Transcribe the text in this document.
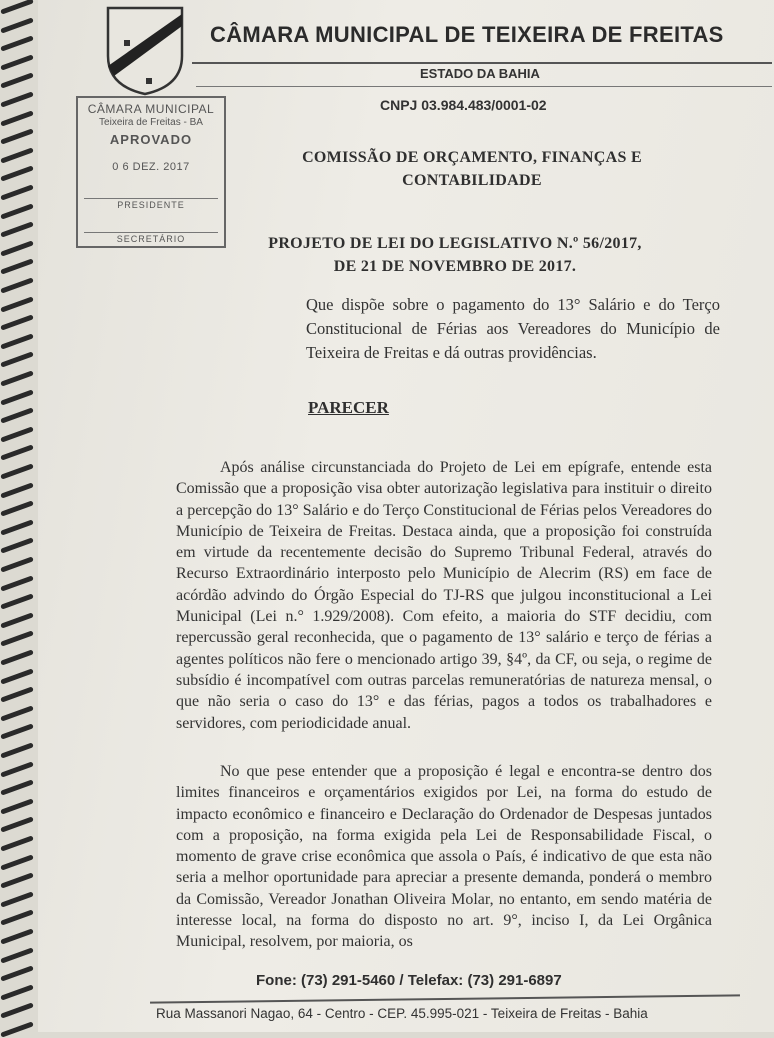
CÂMARA MUNICIPAL DE TEIXEIRA DE FREITAS
ESTADO DA BAHIA
CNPJ 03.984.483/0001-02
CÂMARA MUNICIPAL
Teixeira de Freitas - BA
APROVADO
0 6 DEZ. 2017
PRESIDENTE
SECRETÁRIO
COMISSÃO DE ORÇAMENTO, FINANÇAS E
CONTABILIDADE
PROJETO DE LEI DO LEGISLATIVO N.º 56/2017,
DE 21 DE NOVEMBRO DE 2017.
Que dispõe sobre o pagamento do 13° Salário e do Terço Constitucional de Férias aos Vereadores do Município de Teixeira de Freitas e dá outras providências.
PARECER
Após análise circunstanciada do Projeto de Lei em epígrafe, entende esta Comissão que a proposição visa obter autorização legislativa para instituir o direito a percepção do 13° Salário e do Terço Constitucional de Férias pelos Vereadores do Município de Teixeira de Freitas. Destaca ainda, que a proposição foi construída em virtude da recentemente decisão do Supremo Tribunal Federal, através do Recurso Extraordinário interposto pelo Município de Alecrim (RS) em face de acórdão advindo do Órgão Especial do TJ-RS que julgou inconstitucional a Lei Municipal (Lei n.° 1.929/2008). Com efeito, a maioria do STF decidiu, com repercussão geral reconhecida, que o pagamento de 13° salário e terço de férias a agentes políticos não fere o mencionado artigo 39, §4º, da CF, ou seja, o regime de subsídio é incompatível com outras parcelas remuneratórias de natureza mensal, o que não seria o caso do 13° e das férias, pagos a todos os trabalhadores e servidores, com periodicidade anual.
No que pese entender que a proposição é legal e encontra-se dentro dos limites financeiros e orçamentários exigidos por Lei, na forma do estudo de impacto econômico e financeiro e Declaração do Ordenador de Despesas juntados com a proposição, na forma exigida pela Lei de Responsabilidade Fiscal, o momento de grave crise econômica que assola o País, é indicativo de que esta não seria a melhor oportunidade para apreciar a presente demanda, ponderá o membro da Comissão, Vereador Jonathan Oliveira Molar, no entanto, em sendo matéria de interesse local, na forma do disposto no art. 9°, inciso I, da Lei Orgânica Municipal, resolvem, por maioria, os
Fone: (73) 291-5460 / Telefax: (73) 291-6897
Rua Massanori Nagao, 64 - Centro - CEP. 45.995-021 - Teixeira de Freitas - Bahia
